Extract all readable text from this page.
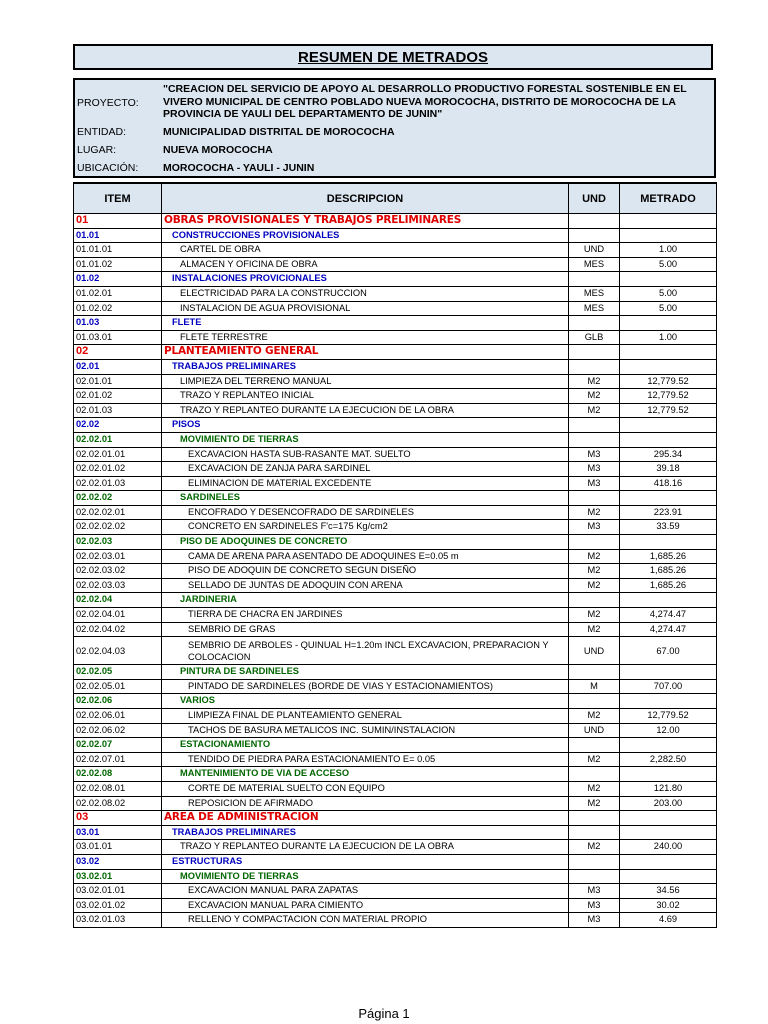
RESUMEN DE METRADOS
PROYECTO:
"CREACION DEL SERVICIO DE APOYO AL DESARROLLO PRODUCTIVO FORESTAL SOSTENIBLE EN EL VIVERO MUNICIPAL DE CENTRO POBLADO NUEVA MOROCOCHA, DISTRITO DE MOROCOCHA DE LA PROVINCIA DE YAULI DEL DEPARTAMENTO DE JUNIN"
ENTIDAD:	MUNICIPALIDAD DISTRITAL DE MOROCOCHA
LUGAR:	NUEVA MOROCOCHA
UBICACIÓN:	MOROCOCHA - YAULI - JUNIN
ITEM	DESCRIPCION	UND	METRADO
01	OBRAS PROVISIONALES Y TRABAJOS PRELIMINARES		
01.01	CONSTRUCCIONES PROVISIONALES		
01.01.01	CARTEL DE OBRA	UND	1.00
01.01.02	ALMACEN Y OFICINA DE OBRA	MES	5.00
01.02	INSTALACIONES PROVICIONALES		
01.02.01	ELECTRICIDAD PARA LA CONSTRUCCION	MES	5.00
01.02.02	INSTALACION DE AGUA PROVISIONAL	MES	5.00
01.03	FLETE		
01.03.01	FLETE TERRESTRE	GLB	1.00
02	PLANTEAMIENTO GENERAL		
02.01	TRABAJOS PRELIMINARES		
02.01.01	LIMPIEZA DEL TERRENO MANUAL	M2	12,779.52
02.01.02	TRAZO Y REPLANTEO INICIAL	M2	12,779.52
02.01.03	TRAZO Y REPLANTEO DURANTE LA EJECUCION DE LA OBRA	M2	12,779.52
02.02	PISOS		
02.02.01	MOVIMIENTO DE TIERRAS		
02.02.01.01	EXCAVACION HASTA SUB-RASANTE MAT. SUELTO	M3	295.34
02.02.01.02	EXCAVACION DE ZANJA PARA SARDINEL	M3	39.18
02.02.01.03	ELIMINACION DE MATERIAL EXCEDENTE	M3	418.16
02.02.02	SARDINELES		
02.02.02.01	ENCOFRADO Y DESENCOFRADO DE SARDINELES	M2	223.91
02.02.02.02	CONCRETO EN SARDINELES F'c=175 Kg/cm2	M3	33.59
02.02.03	PISO DE ADOQUINES DE CONCRETO		
02.02.03.01	CAMA DE ARENA PARA ASENTADO DE ADOQUINES E=0.05 m	M2	1,685.26
02.02.03.02	PISO DE ADOQUIN DE CONCRETO SEGUN DISEÑO	M2	1,685.26
02.02.03.03	SELLADO DE JUNTAS DE ADOQUIN CON ARENA	M2	1,685.26
02.02.04	JARDINERIA		
02.02.04.01	TIERRA DE CHACRA EN JARDINES	M2	4,274.47
02.02.04.02	SEMBRIO DE GRAS	M2	4,274.47
02.02.04.03	SEMBRIO DE ARBOLES - QUINUAL H=1.20m INCL EXCAVACION, PREPARACION Y COLOCACION	UND	67.00
02.02.05	PINTURA DE SARDINELES		
02.02.05.01	PINTADO DE SARDINELES (BORDE DE VIAS Y ESTACIONAMIENTOS)	M	707.00
02.02.06	VARIOS		
02.02.06.01	LIMPIEZA FINAL DE PLANTEAMIENTO GENERAL	M2	12,779.52
02.02.06.02	TACHOS DE BASURA METALICOS INC. SUMIN/INSTALACION	UND	12.00
02.02.07	ESTACIONAMIENTO		
02.02.07.01	TENDIDO DE PIEDRA PARA ESTACIONAMIENTO E= 0.05	M2	2,282.50
02.02.08	MANTENIMIENTO DE VIA DE ACCESO		
02.02.08.01	CORTE DE MATERIAL SUELTO CON EQUIPO	M2	121.80
02.02.08.02	REPOSICION DE AFIRMADO	M2	203.00
03	AREA DE ADMINISTRACION		
03.01	TRABAJOS PRELIMINARES		
03.01.01	TRAZO Y REPLANTEO DURANTE LA EJECUCION DE LA OBRA	M2	240.00
03.02	ESTRUCTURAS		
03.02.01	MOVIMIENTO DE TIERRAS		
03.02.01.01	EXCAVACION MANUAL PARA ZAPATAS	M3	34.56
03.02.01.02	EXCAVACION MANUAL PARA CIMIENTO	M3	30.02
03.02.01.03	RELLENO Y COMPACTACION CON MATERIAL PROPIO	M3	4.69
Página 1
